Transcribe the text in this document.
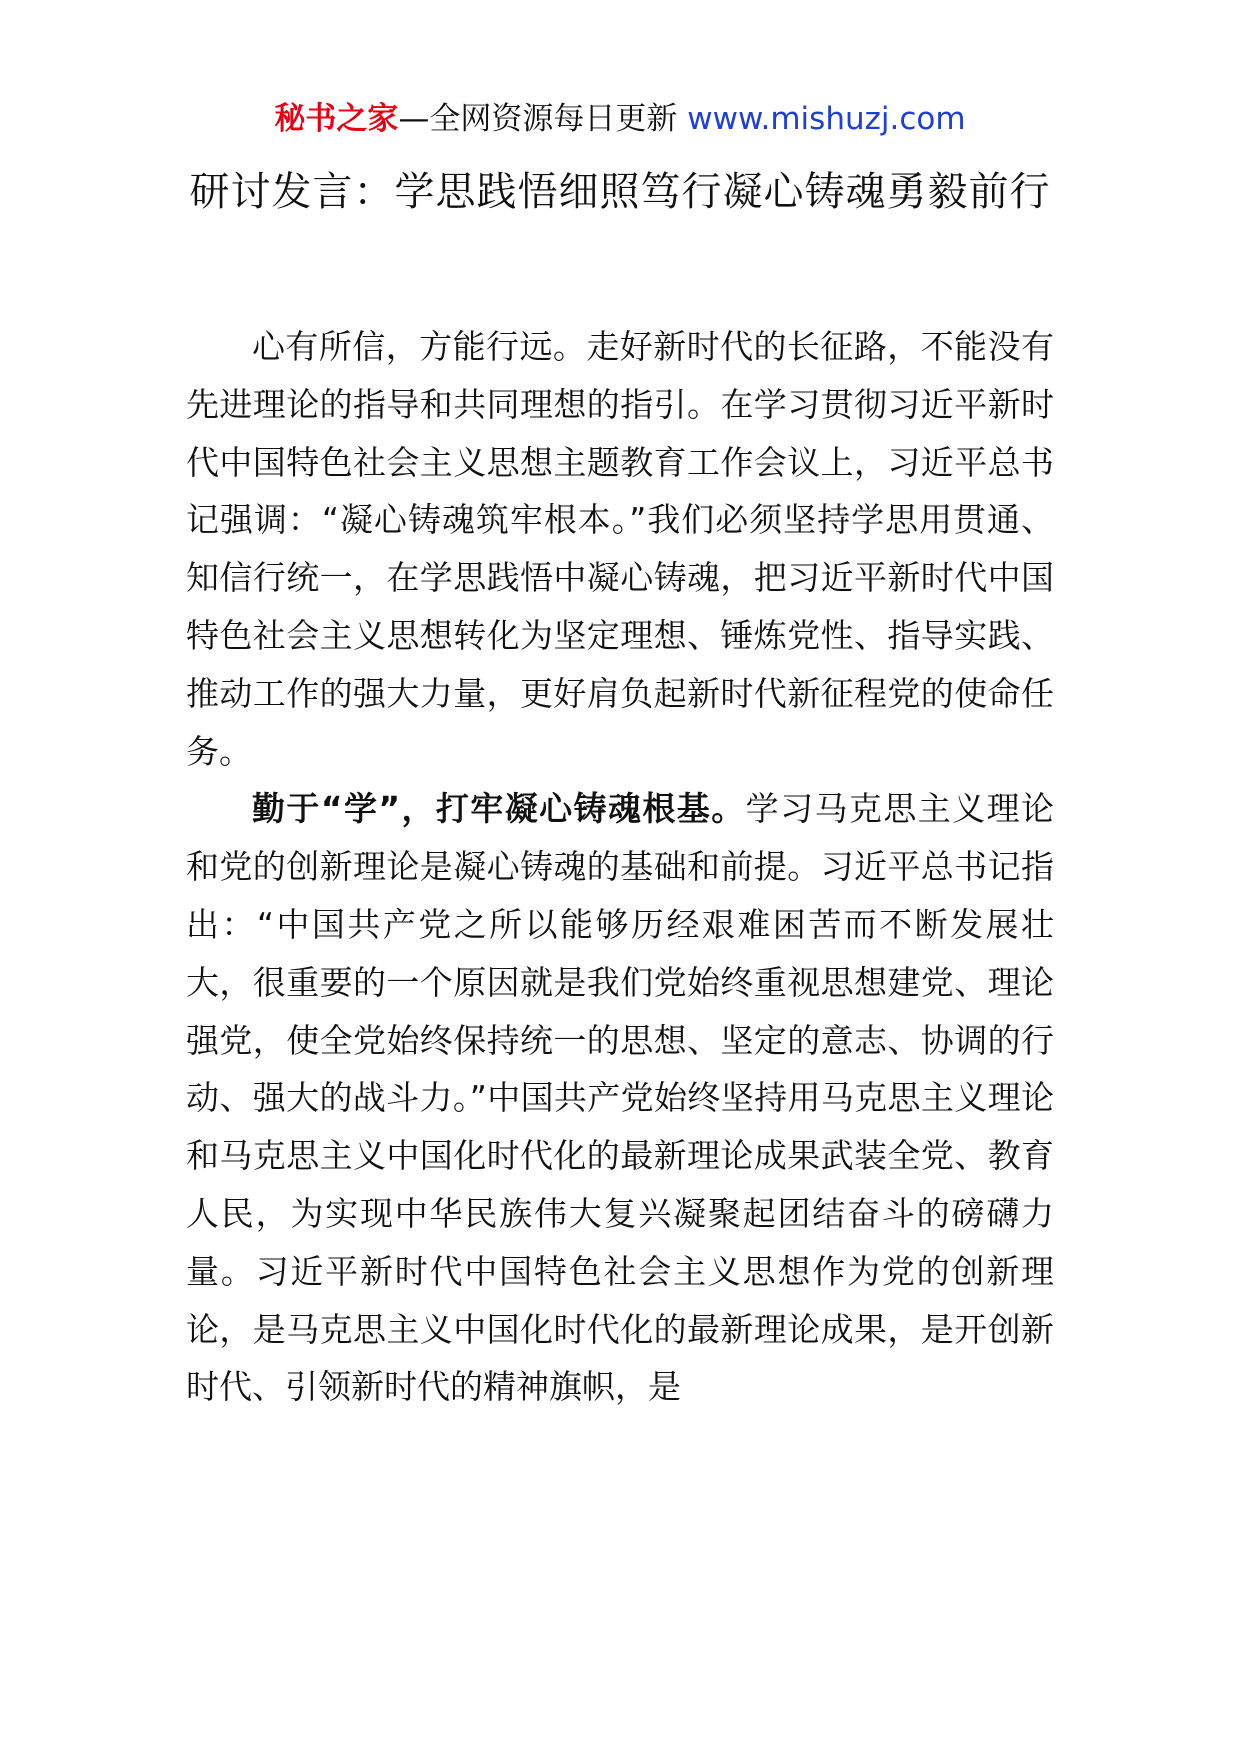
秘书之家—全网资源每日更新 www.mishuzj.com
研讨发言：学思践悟细照笃行凝心铸魂勇毅前行

心有所信，方能行远。走好新时代的长征路，不能没有先进理论的指导和共同理想的指引。在学习贯彻习近平新时代中国特色社会主义思想主题教育工作会议上，习近平总书记强调：“凝心铸魂筑牢根本。”我们必须坚持学思用贯通、知信行统一，在学思践悟中凝心铸魂，把习近平新时代中国特色社会主义思想转化为坚定理想、锤炼党性、指导实践、推动工作的强大力量，更好肩负起新时代新征程党的使命任务。

勤于“学”，打牢凝心铸魂根基。学习马克思主义理论和党的创新理论是凝心铸魂的基础和前提。习近平总书记指出：“中国共产党之所以能够历经艰难困苦而不断发展壮大，很重要的一个原因就是我们党始终重视思想建党、理论强党，使全党始终保持统一的思想、坚定的意志、协调的行动、强大的战斗力。”中国共产党始终坚持用马克思主义理论和马克思主义中国化时代化的最新理论成果武装全党、教育人民，为实现中华民族伟大复兴凝聚起团结奋斗的磅礴力量。习近平新时代中国特色社会主义思想作为党的创新理论，是马克思主义中国化时代化的最新理论成果，是开创新时代、引领新时代的精神旗帜，是
